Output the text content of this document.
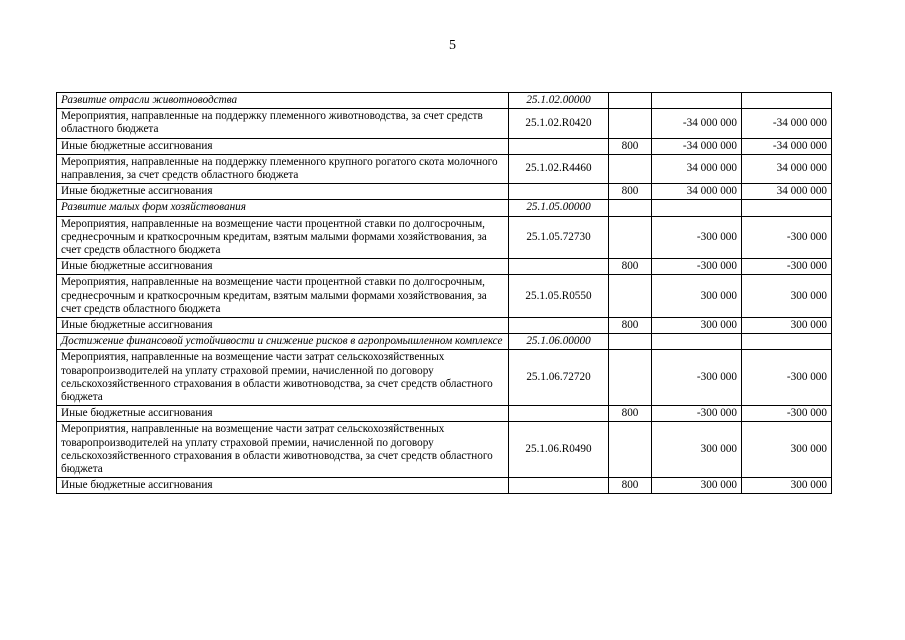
5
Развитие отрасли животноводства	25.1.02.00000			
Мероприятия, направленные на поддержку племенного животноводства, за счет средств областного бюджета	25.1.02.R0420		-34 000 000	-34 000 000
Иные бюджетные ассигнования		800	-34 000 000	-34 000 000
Мероприятия, направленные на поддержку племенного крупного рогатого скота молочного направления, за счет средств областного бюджета	25.1.02.R4460		34 000 000	34 000 000
Иные бюджетные ассигнования		800	34 000 000	34 000 000
Развитие малых форм хозяйствования	25.1.05.00000			
Мероприятия, направленные на возмещение части процентной ставки по долгосрочным, среднесрочным и краткосрочным кредитам, взятым малыми формами хозяйствования, за счет средств областного бюджета	25.1.05.72730		-300 000	-300 000
Иные бюджетные ассигнования		800	-300 000	-300 000
Мероприятия, направленные на возмещение части процентной ставки по долгосрочным, среднесрочным и краткосрочным кредитам, взятым малыми формами хозяйствования, за счет средств областного бюджета	25.1.05.R0550		300 000	300 000
Иные бюджетные ассигнования		800	300 000	300 000
Достижение финансовой устойчивости и снижение рисков в агропромышленном комплексе	25.1.06.00000			
Мероприятия, направленные на возмещение части затрат сельскохозяйственных товаропроизводителей на уплату страховой премии, начисленной по договору сельскохозяйственного страхования в области животноводства, за счет средств областного бюджета	25.1.06.72720		-300 000	-300 000
Иные бюджетные ассигнования		800	-300 000	-300 000
Мероприятия, направленные на возмещение части затрат сельскохозяйственных товаропроизводителей на уплату страховой премии, начисленной по договору сельскохозяйственного страхования в области животноводства, за счет средств областного бюджета	25.1.06.R0490		300 000	300 000
Иные бюджетные ассигнования		800	300 000	300 000
